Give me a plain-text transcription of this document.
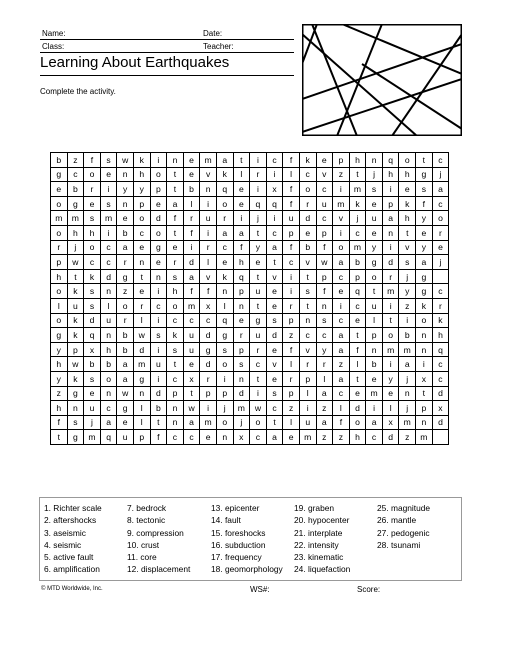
Name:	Date:
Class:	Teacher:
Learning About Earthquakes
Complete the activity.
b	z	f	s	w	k	i	n	e	m	a	t	i	c	f	k	e	p	h	n	q	o	t	c
g	c	o	e	n	h	o	t	e	v	k	l	r	i	l	c	v	z	t	j	h	h	g	j
e	b	r	i	y	y	p	t	b	n	q	e	i	x	f	o	c	i	m	s	i	e	s	a
o	g	e	s	n	p	e	a	l	i	o	e	q	q	f	r	u	m	k	e	p	k	f	c
m	m	s	m	e	o	d	f	r	u	r	i	j	i	u	d	c	v	j	u	a	h	y	o
o	h	h	i	b	c	o	t	f	i	a	a	t	c	p	e	p	i	c	e	n	t	e	r
r	j	o	c	a	e	g	e	i	r	c	f	y	a	f	b	f	o	m	y	i	v	y	e
p	w	c	c	r	n	e	r	d	l	e	h	e	t	c	v	w	a	b	g	d	s	a	j
h	t	k	d	g	t	n	s	a	v	k	q	t	v	i	t	p	c	p	o	r	j	g	
o	k	s	n	z	e	i	h	f	f	n	p	u	e	i	s	f	e	q	t	m	y	g	c
l	u	s	l	o	r	c	o	m	x	l	n	t	e	r	t	n	i	c	u	i	z	k	r
o	k	d	u	r	l	i	c	c	c	q	e	g	s	p	n	s	c	e	l	t	i	o	k
g	k	q	n	b	w	s	k	u	d	g	r	u	d	z	c	c	a	t	p	o	b	n	h
y	p	x	h	b	d	i	s	u	g	s	p	r	e	f	v	y	a	f	n	m	m	n	q
h	w	b	b	a	m	u	t	e	d	o	s	c	v	l	r	r	z	l	b	i	a	i	c
y	k	s	o	a	g	i	c	x	r	i	n	t	e	r	p	l	a	t	e	y	j	x	c
z	g	e	n	w	n	d	p	t	p	p	d	i	s	p	l	a	c	e	m	e	n	t	d
h	n	u	c	g	l	b	n	w	i	j	m	w	c	z	i	z	l	d	i	l	j	p	x
f	s	j	a	e	l	t	n	a	m	o	j	o	t	l	u	a	f	o	a	x	m	n	d
t	g	m	q	u	p	f	c	c	e	n	x	c	a	e	m	z	z	h	c	d	z	m	
1. Richter scale
2. aftershocks
3. aseismic
4. seismic
5. active fault
6. amplification
7. bedrock
8. tectonic
9. compression
10. crust
11. core
12. displacement
13. epicenter
14. fault
15. foreshocks
16. subduction
17. frequency
18. geomorphology
19. graben
20. hypocenter
21. interplate
22. intensity
23. kinematic
24. liquefaction
25. magnitude
26. mantle
27. pedogenic
28. tsunami
© MTD Worldwide, Inc.	WS#:	Score:
